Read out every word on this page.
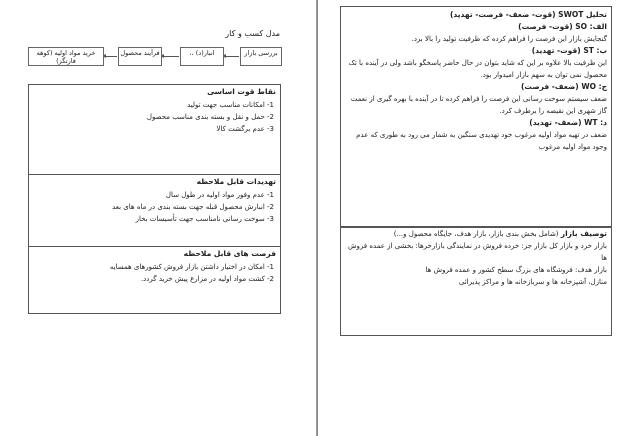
مدل کسب و کار
بررسی بازار
انبار(د) ،،
فرآیند محصول
خرید مواد اولیه (کوهه فارنگز)
نقاط قوت اساسی

1- امکانات مناسب جهت تولید

2- حمل و نقل و بسته بندی مناسب محصول

3- عدم برگشت کالا

تهدیدات قابل ملاحظه

1- عدم وفور مواد اولیه در طول سال

2- انبارش محصول قبله جهت بسته بندی در ماه های بعد

3- سوخت رسانی نامناسب جهت تأسیسات بخار

فرصت های قابل ملاحظه

1- امکان در اختیار داشتن بازار فروش کشورهای همسایه

2- کشت مواد اولیه در مزارع پیش خرید گردد.

تحلیل SWOT (قوت- ضعف- فرصت- تهدید)

الف: SO (قوت- فرصت)

گنجایش بازار این فرصت را فراهم کرده که ظرفیت تولید را بالا برد.

ب: ST (قوت- تهدید)

این ظرفیت بالا علاوه بر این که شاید بتوان در حال حاضر پاسخگو باشد ولی در آینده با تک محصول نمی توان به سهم بازار امیدوار بود.

ج: WO (ضعف- فرصت)

ضعف سیستم سوخت رسانی این فرصت را فراهم کرده تا در آینده با بهره گیری از نعمت گاز شهری این نقیصه را برطرف کرد.

د: WT (ضعف- تهدید)

ضعف در تهیه مواد اولیه مرغوب خود تهدیدی سنگین به شمار می رود به طوری که عدم وجود مواد اولیه مرغوب

توصیف بازار (شامل بخش بندی بازار، بازار هدف، جایگاه محصول و...)

بازار خرد و بازار کل بازار جز: خرده فروش در نمایندگی بازارخرها: بخشی از عمده فروش ها

بازار هدف: فروشگاه های بزرگ سطح کشور و عمده فروش ها

منازل، آشپزخانه ها و سربازخانه ها و مراکز پذیرائی
